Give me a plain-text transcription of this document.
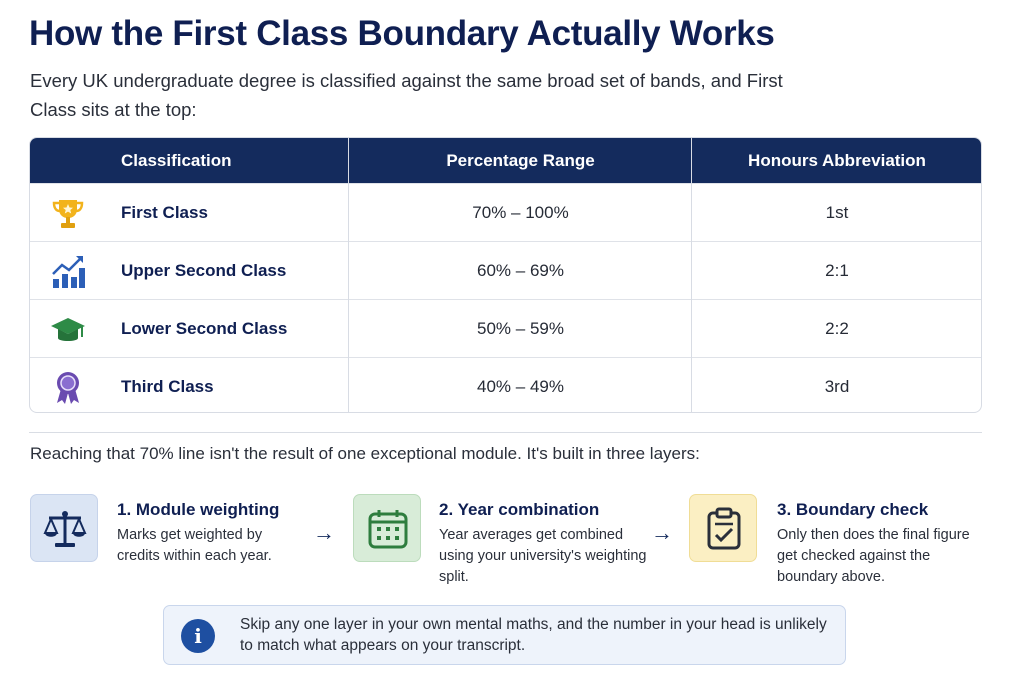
How the First Class Boundary Actually Works
Every UK undergraduate degree is classified against the same broad set of bands, and First Class sits at the top:
Classification	Percentage Range	Honours Abbreviation
First Class	70% – 100%	1st
Upper Second Class	60% – 69%	2:1
Lower Second Class	50% – 59%	2:2
Third Class	40% – 49%	3rd
Reaching that 70% line isn't the result of one exceptional module. It's built in three layers:
1. Module weighting
Marks get weighted by credits within each year.
→
2. Year combination
Year averages get combined using your university's weighting split.
→
3. Boundary check
Only then does the final figure get checked against the boundary above.
i	Skip any one layer in your own mental maths, and the number in your head is unlikely to match what appears on your transcript.
